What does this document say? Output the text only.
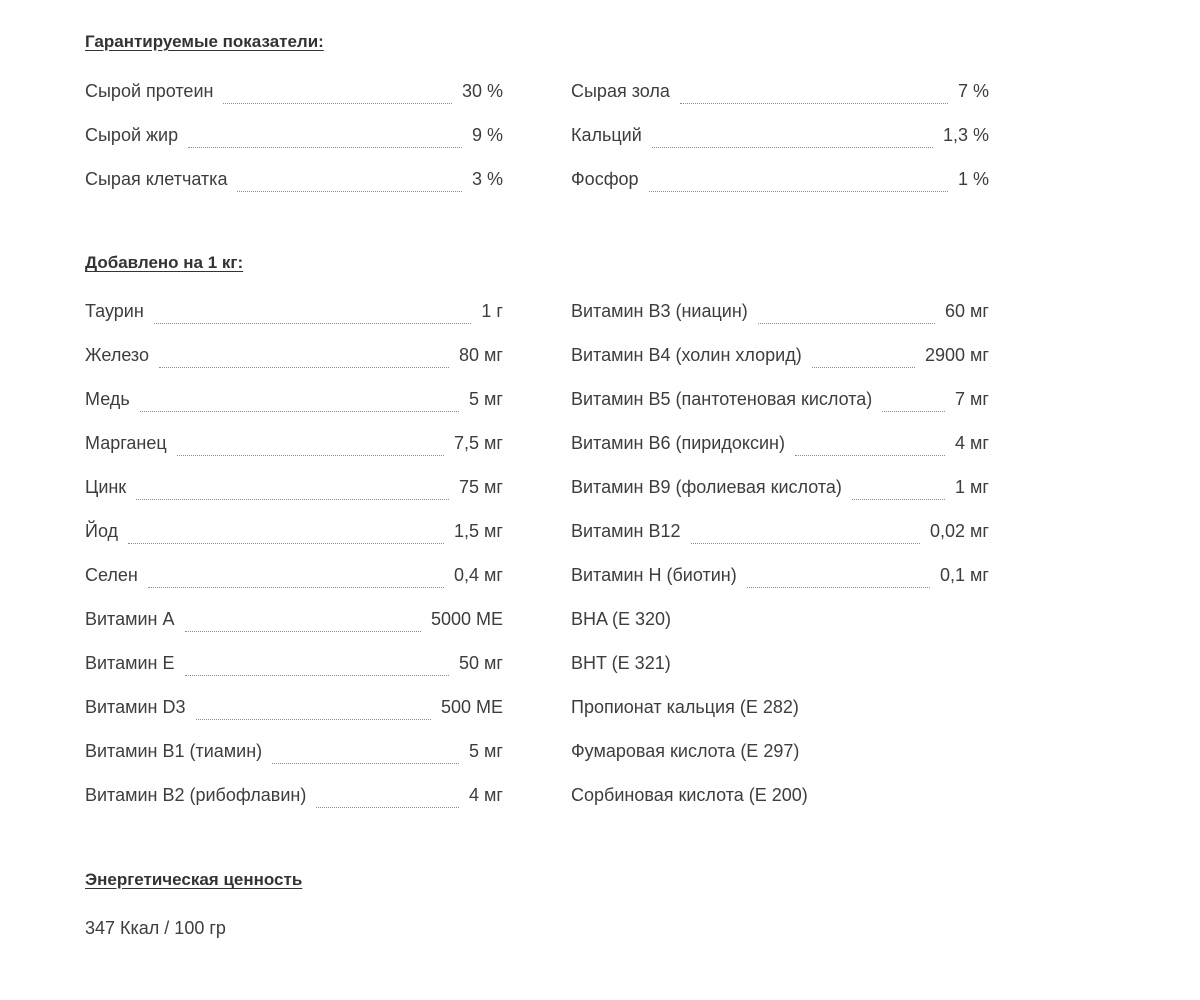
Гарантируемые показатели:
Сырой протеин	30 %
Сырой жир	9 %
Сырая клетчатка	3 %
Сырая зола	7 %
Кальций	1,3 %
Фосфор	1 %
Добавлено на 1 кг:
Таурин	1 г
Железо	80 мг
Медь	5 мг
Марганец	7,5 мг
Цинк	75 мг
Йод	1,5 мг
Селен	0,4 мг
Витамин А	5000 МЕ
Витамин Е	50 мг
Витамин D3	500 МЕ
Витамин В1 (тиамин)	5 мг
Витамин В2 (рибофлавин)	4 мг
Витамин В3 (ниацин)	60 мг
Витамин В4 (холин хлорид)	2900 мг
Витамин В5 (пантотеновая кислота)	7 мг
Витамин В6 (пиридоксин)	4 мг
Витамин В9 (фолиевая кислота)	1 мг
Витамин В12	0,02 мг
Витамин Н (биотин)	0,1 мг
BHA (E 320)
BHT (E 321)
Пропионат кальция (E 282)
Фумаровая кислота (E 297)
Сорбиновая кислота (E 200)
Энергетическая ценность
347 Ккал / 100 гр
